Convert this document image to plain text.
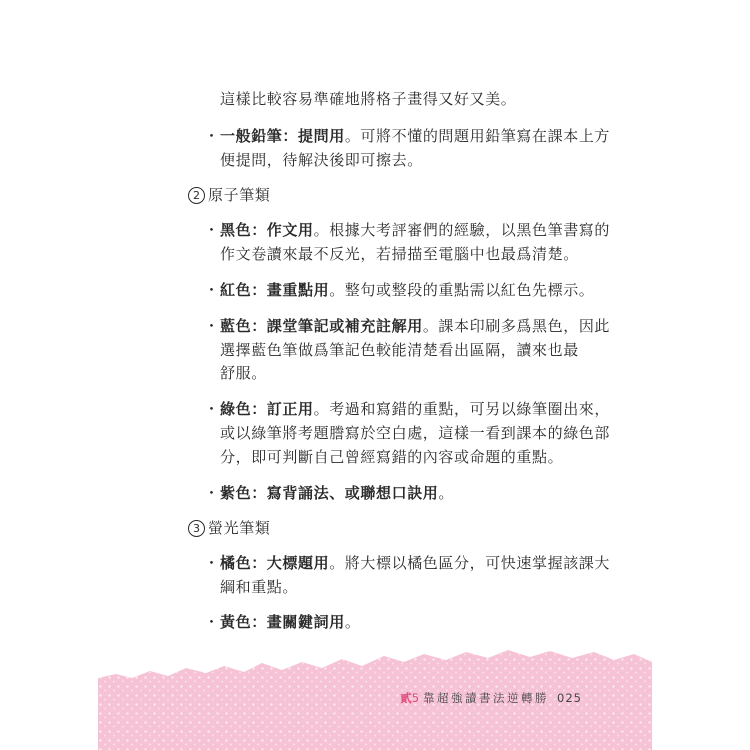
這樣比較容易準確地將格子畫得又好又美。
・ 一般鉛筆：提問用。可將不懂的問題用鉛筆寫在課本上方
便提問，待解決後即可擦去。
2 原子筆類
・ 黑色：作文用。根據大考評審們的經驗，以黑色筆書寫的
作文卷讀來最不反光，若掃描至電腦中也最爲清楚。
・ 紅色：畫重點用。整句或整段的重點需以紅色先標示。
・ 藍色：課堂筆記或補充註解用。課本印刷多爲黑色，因此
選擇藍色筆做爲筆記色較能清楚看出區隔，讀來也最
舒服。
・ 綠色：訂正用。考過和寫錯的重點，可另以綠筆圈出來，
或以綠筆將考題謄寫於空白處，這樣一看到課本的綠色部
分，即可判斷自己曾經寫錯的內容或命題的重點。
・ 紫色：寫背誦法、或聯想口訣用。
3 螢光筆類
・ 橘色：大標題用。將大標以橘色區分，可快速掌握該課大
綱和重點。
・ 黃色：畫關鍵詞用。
貳5 靠超強讀書法逆轉勝 025
